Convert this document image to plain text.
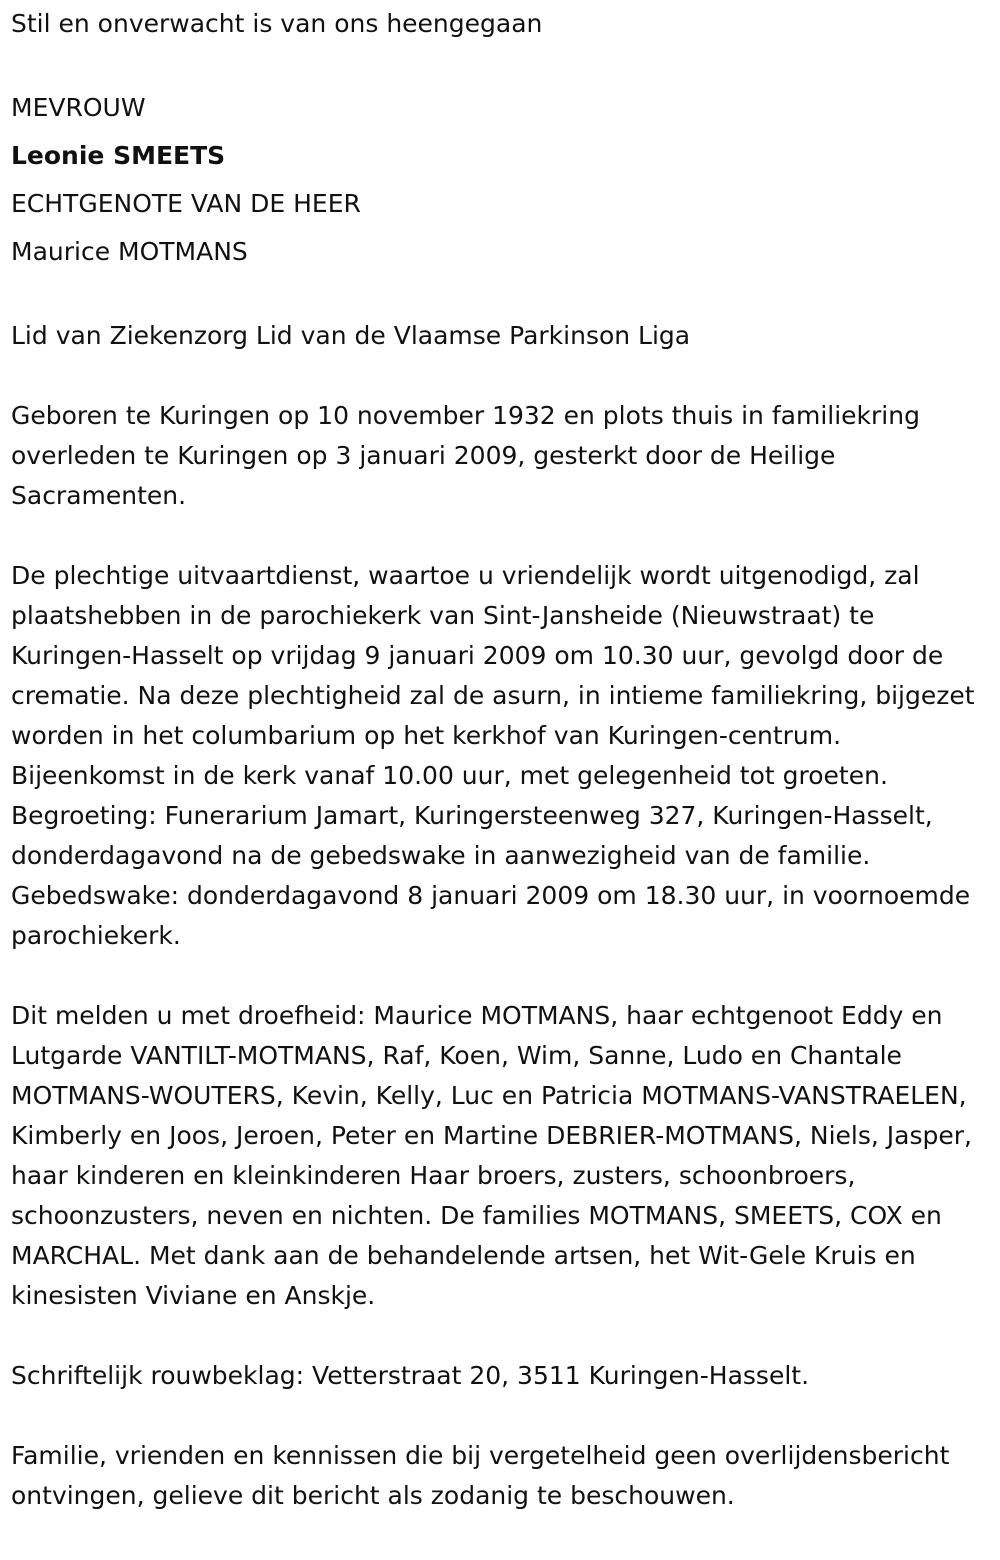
Stil en onverwacht is van ons heengegaan

MEVROUW

Leonie SMEETS

ECHTGENOTE VAN DE HEER

Maurice MOTMANS

Lid van Ziekenzorg Lid van de Vlaamse Parkinson Liga

Geboren te Kuringen op 10 november 1932 en plots thuis in familiekring overleden te Kuringen op 3 januari 2009, gesterkt door de Heilige Sacramenten.

De plechtige uitvaartdienst, waartoe u vriendelijk wordt uitgenodigd, zal plaatshebben in de parochiekerk van Sint-Jansheide (Nieuwstraat) te Kuringen-Hasselt op vrijdag 9 januari 2009 om 10.30 uur, gevolgd door de crematie. Na deze plechtigheid zal de asurn, in intieme familiekring, bijgezet worden in het columbarium op het kerkhof van Kuringen-centrum. Bijeenkomst in de kerk vanaf 10.00 uur, met gelegenheid tot groeten. Begroeting: Funerarium Jamart, Kuringersteenweg 327, Kuringen-Hasselt, donderdagavond na de gebedswake in aanwezigheid van de familie. Gebedswake: donderdagavond 8 januari 2009 om 18.30 uur, in voornoemde parochiekerk.

Dit melden u met droefheid: Maurice MOTMANS, haar echtgenoot Eddy en Lutgarde VANTILT-MOTMANS, Raf, Koen, Wim, Sanne, Ludo en Chantale MOTMANS-WOUTERS, Kevin, Kelly, Luc en Patricia MOTMANS-VANSTRAELEN, Kimberly en Joos, Jeroen, Peter en Martine DEBRIER-MOTMANS, Niels, Jasper, haar kinderen en kleinkinderen Haar broers, zusters, schoonbroers, schoonzusters, neven en nichten. De families MOTMANS, SMEETS, COX en MARCHAL. Met dank aan de behandelende artsen, het Wit-Gele Kruis en kinesisten Viviane en Anskje.

Schriftelijk rouwbeklag: Vetterstraat 20, 3511 Kuringen-Hasselt.

Familie, vrienden en kennissen die bij vergetelheid geen overlijdensbericht ontvingen, gelieve dit bericht als zodanig te beschouwen.
